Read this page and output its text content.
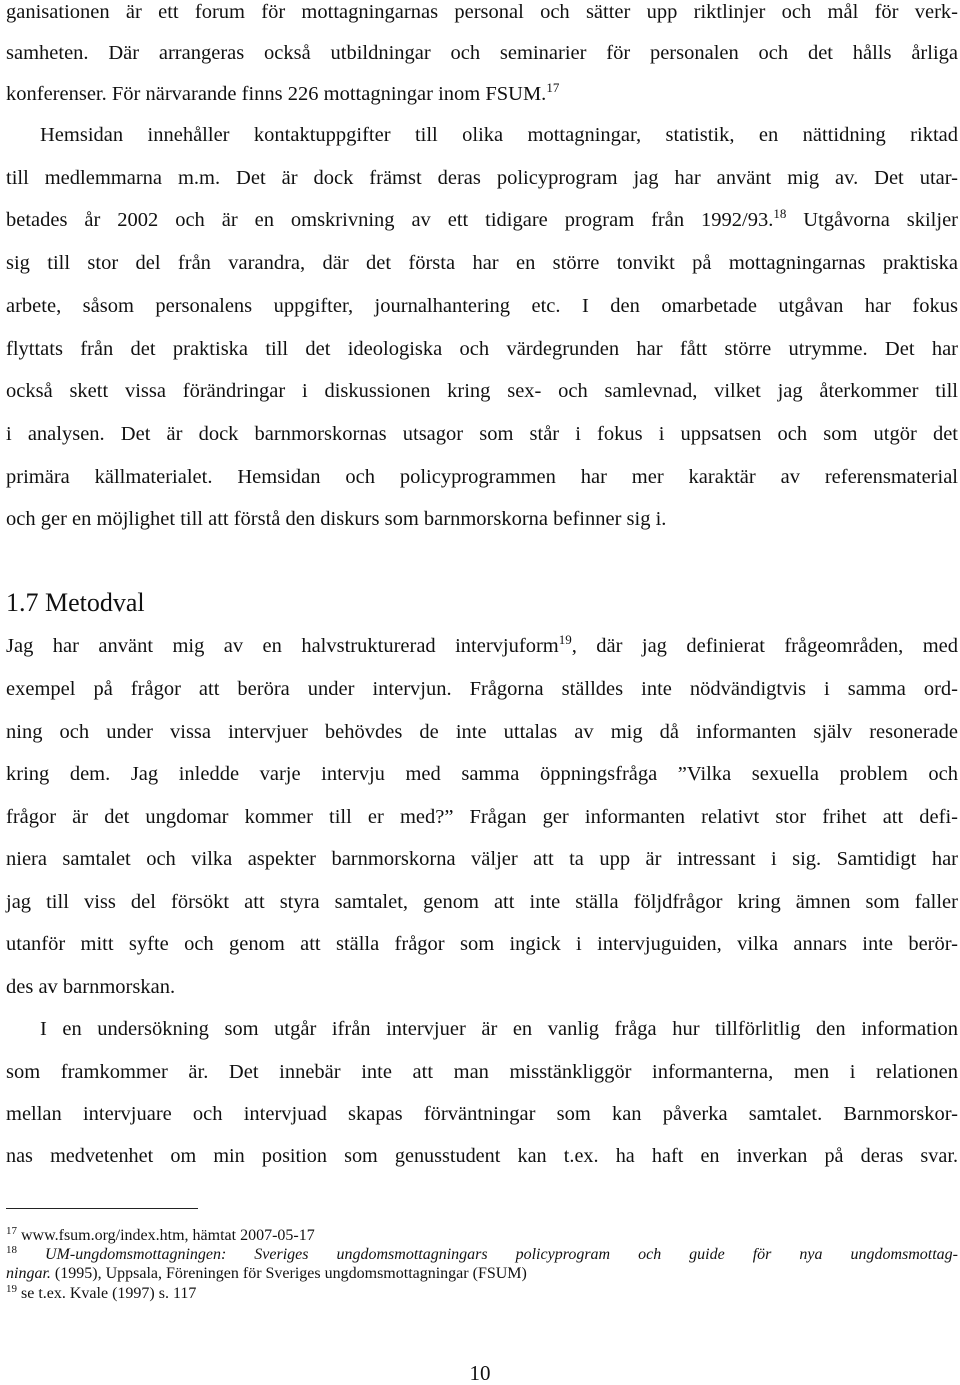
ganisationen är ett forum för mottagningarnas personal och sätter upp riktlinjer och mål för verk-
samheten. Där arrangeras också utbildningar och seminarier för personalen och det hålls årliga
konferenser. För närvarande finns 226 mottagningar inom FSUM.$^{17}$
Hemsidan innehåller kontaktuppgifter till olika mottagningar, statistik, en nättidning riktad
till medlemmarna m.m. Det är dock främst deras policyprogram jag har använt mig av. Det utar-
betades år 2002 och är en omskrivning av ett tidigare program från 1992/93.18 Utgåvorna skiljer
sig till stor del från varandra, där det första har en större tonvikt på mottagningarnas praktiska
arbete, såsom personalens uppgifter, journalhantering etc. I den omarbetade utgåvan har fokus
flyttats från det praktiska till det ideologiska och värdegrunden har fått större utrymme. Det har
också skett vissa förändringar i diskussionen kring sex- och samlevnad, vilket jag återkommer till
i analysen. Det är dock barnmorskornas utsagor som står i fokus i uppsatsen och som utgör det
primära källmaterialet. Hemsidan och policyprogrammen har mer karaktär av referensmaterial
och ger en möjlighet till att förstå den diskurs som barnmorskorna befinner sig i.
1.7 Metodval
Jag har använt mig av en halvstrukturerad intervjuform$^{19}$, där jag definierat frågeområden, med
exempel på frågor att beröra under intervjun. Frågorna ställdes inte nödvändigtvis i samma ord-
ning och under vissa intervjuer behövdes de inte uttalas av mig då informanten själv resonerade
kring dem. Jag inledde varje intervju med samma öppningsfråga ”Vilka sexuella problem och
frågor är det ungdomar kommer till er med?” Frågan ger informanten relativt stor frihet att defi-
niera samtalet och vilka aspekter barnmorskorna väljer att ta upp är intressant i sig. Samtidigt har
jag till viss del försökt att styra samtalet, genom att inte ställa följdfrågor kring ämnen som faller
utanför mitt syfte och genom att ställa frågor som ingick i intervjuguiden, vilka annars inte berör-
des av barnmorskan.
I en undersökning som utgår ifrån intervjuer är en vanlig fråga hur tillförlitlig den information
som framkommer är. Det innebär inte att man misstänkliggör informanterna, men i relationen
mellan intervjuare och intervjuad skapas förväntningar som kan påverka samtalet. Barnmorskor-
nas medvetenhet om min position som genusstudent kan t.ex. ha haft en inverkan på deras svar.
$^{17}$ www.fsum.org/index.htm, hämtat 2007-05-17
$^{18}$ UM-ungdomsmottagningen: Sveriges ungdomsmottagningars policyprogram och guide för nya ungdomsmottag-
ningar. (1995), Uppsala, Föreningen för Sveriges ungdomsmottagningar (FSUM)
$^{19}$ se t.ex. Kvale (1997) s. 117
10
